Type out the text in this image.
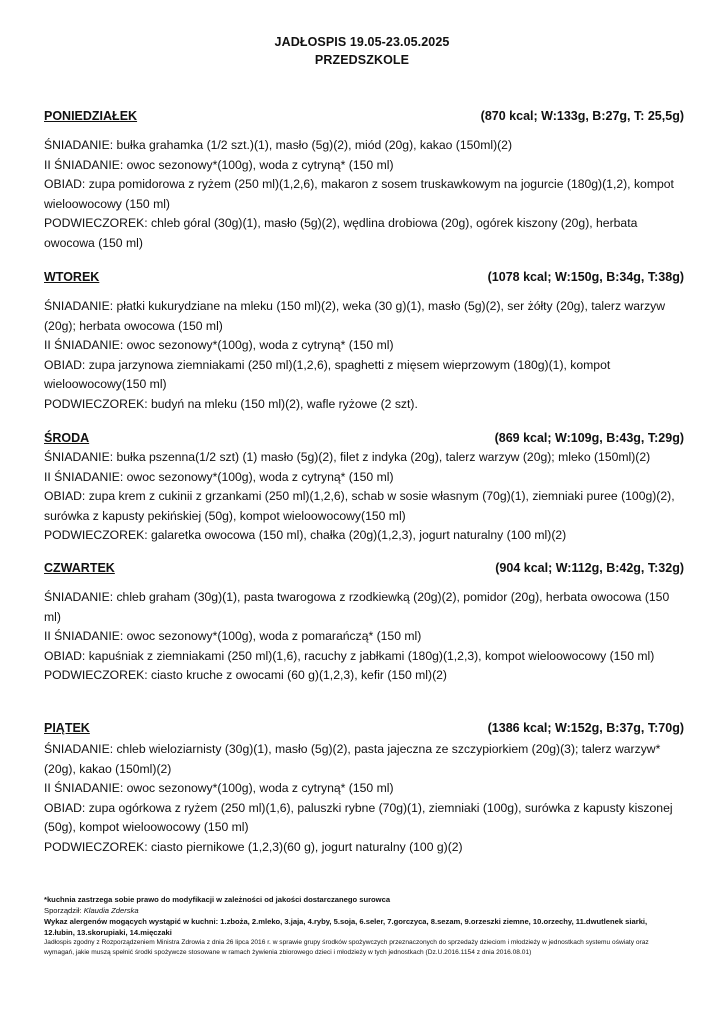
JADŁOSPIS 19.05-23.05.2025
PRZEDSZKOLE
PONIEDZIAŁEK	(870 kcal; W:133g, B:27g, T: 25,5g)
ŚNIADANIE: bułka grahamka (1/2 szt.)(1), masło (5g)(2), miód (20g), kakao (150ml)(2)
II ŚNIADANIE: owoc sezonowy*(100g), woda z cytryną* (150 ml)
OBIAD: zupa pomidorowa z ryżem (250 ml)(1,2,6), makaron z sosem truskawkowym na jogurcie (180g)(1,2), kompot wieloowocowy (150 ml)
PODWIECZOREK: chleb góral (30g)(1), masło (5g)(2), wędlina drobiowa (20g), ogórek kiszony (20g), herbata owocowa (150 ml)
WTOREK	(1078 kcal; W:150g, B:34g, T:38g)
ŚNIADANIE: płatki kukurydziane na mleku (150 ml)(2), weka (30 g)(1), masło (5g)(2), ser żółty (20g), talerz warzyw (20g); herbata owocowa (150 ml)
II ŚNIADANIE: owoc sezonowy*(100g), woda z cytryną* (150 ml)
OBIAD: zupa jarzynowa ziemniakami (250 ml)(1,2,6), spaghetti z mięsem wieprzowym (180g)(1), kompot wieloowocowy(150 ml)
PODWIECZOREK: budyń na mleku (150 ml)(2), wafle ryżowe (2 szt).
ŚRODA	(869 kcal; W:109g, B:43g, T:29g)
ŚNIADANIE: bułka pszenna(1/2 szt) (1) masło (5g)(2), filet z indyka (20g), talerz warzyw (20g); mleko (150ml)(2)
II ŚNIADANIE: owoc sezonowy*(100g), woda z cytryną* (150 ml)
OBIAD: zupa krem z cukinii z grzankami (250 ml)(1,2,6), schab w sosie własnym (70g)(1), ziemniaki puree (100g)(2), surówka z kapusty pekińskiej (50g), kompot wieloowocowy(150 ml)
PODWIECZOREK: galaretka owocowa (150 ml), chałka (20g)(1,2,3), jogurt naturalny (100 ml)(2)
CZWARTEK	(904 kcal; W:112g, B:42g, T:32g)
ŚNIADANIE: chleb graham (30g)(1), pasta twarogowa z rzodkiewką (20g)(2), pomidor (20g), herbata owocowa (150 ml)
II ŚNIADANIE: owoc sezonowy*(100g), woda z pomarańczą* (150 ml)
OBIAD: kapuśniak z ziemniakami (250 ml)(1,6), racuchy z jabłkami (180g)(1,2,3), kompot wieloowocowy (150 ml)
PODWIECZOREK: ciasto kruche z owocami (60 g)(1,2,3), kefir (150 ml)(2)
PIĄTEK	(1386 kcal; W:152g, B:37g, T:70g)
ŚNIADANIE: chleb wieloziarnisty (30g)(1), masło (5g)(2), pasta jajeczna ze szczypiorkiem (20g)(3); talerz warzyw*(20g), kakao (150ml)(2)
II ŚNIADANIE: owoc sezonowy*(100g), woda z cytryną* (150 ml)
OBIAD: zupa ogórkowa z ryżem (250 ml)(1,6), paluszki rybne (70g)(1), ziemniaki (100g), surówka z kapusty kiszonej (50g), kompot wieloowocowy (150 ml)
PODWIECZOREK: ciasto piernikowe (1,2,3)(60 g), jogurt naturalny (100 g)(2)
*kuchnia zastrzega sobie prawo do modyfikacji w zależności od jakości dostarczanego surowca
Sporządził: Klaudia Zderska
Wykaz alergenów mogących wystąpić w kuchni: 1.zboża, 2.mleko, 3.jaja, 4.ryby, 5.soja, 6.seler, 7.gorczyca, 8.sezam, 9.orzeszki ziemne, 10.orzechy, 11.dwutlenek siarki, 12.łubin, 13.skorupiaki, 14.mięczaki
Jadłospis zgodny z Rozporządzeniem Ministra Zdrowia z dnia 26 lipca 2016 r. w sprawie grupy środków spożywczych przeznaczonych do sprzedaży dzieciom i młodzieży w jednostkach systemu oświaty oraz wymagań, jakie muszą spełnić środki spożywcze stosowane w ramach żywienia zbiorowego dzieci i młodzieży w tych jednostkach (Dz.U.2016.1154 z dnia 2016.08.01)
